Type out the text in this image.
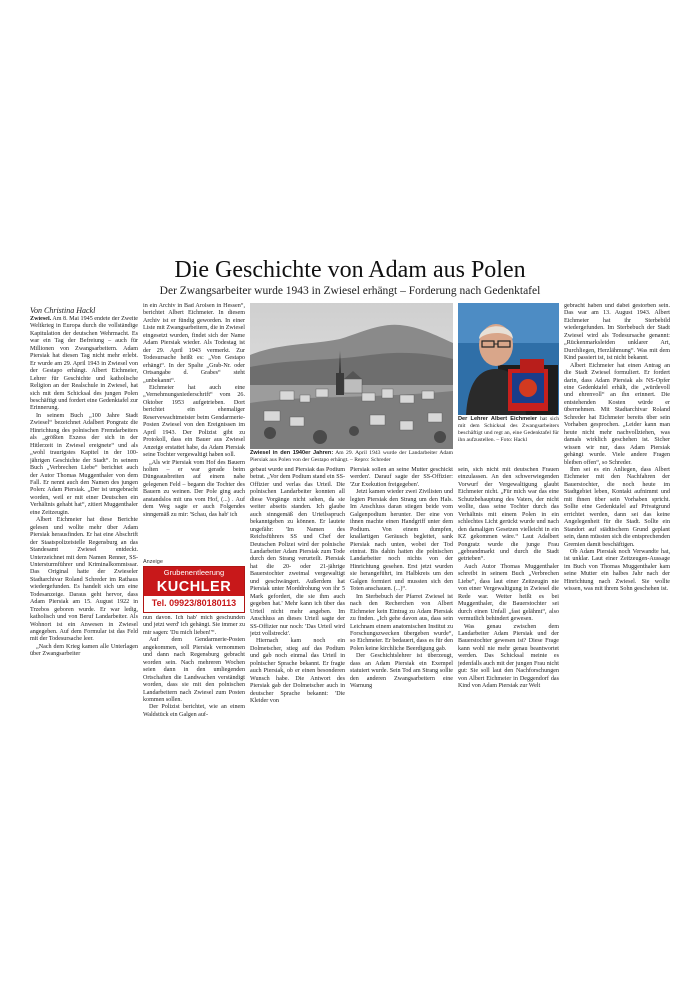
Die Geschichte von Adam aus Polen
Der Zwangsarbeiter wurde 1943 in Zwiesel erhängt – Forderung nach Gedenktafel
Von Christina Hackl

Zwiesel. Am 8. Mai 1945 endete der Zweite Weltkrieg in Europa durch die vollständige Kapitulation der deutschen Wehrmacht. Es war ein Tag der Befreiung – auch für Millionen von Zwangsarbeitern. Adam Piersiak hat diesen Tag nicht mehr erlebt. Er wurde am 29. April 1943 in Zwiesel von der Gestapo erhängt. Albert Eichmeier, Lehrer für Geschichte und katholische Religion an der Realschule in Zwiesel, hat sich mit dem Schicksal des jungen Polen beschäftigt und fordert eine Gedenktafel zur Erinnerung.

In seinem Buch „100 Jahre Stadt Zwiesel“ bezeichnet Adalbert Pongratz die Hinrichtung des polnischen Fremdarbeiters als „größten Exzess der sich in der Hitlerzeit in Zwiesel ereignete“ und als „wohl traurigstes Kapitel in der 100-jährigen Geschichte der Stadt“. In seinem Buch „Verbrechen Liebe“ berichtet auch der Autor Thomas Muggenthaler von dem Fall. Er nennt auch den Namen des jungen Polen: Adam Piersiak. „Der ist umgebracht worden, weil er mit einer Deutschen ein Verhältnis gehabt hat“, zitiert Muggenthaler eine Zeitzeugin.

Albert Eichmeier hat diese Berichte gelesen und wollte mehr über Adam Piersiak herausfinden. Er hat eine Abschrift der Staatspolizeistelle Regensburg an das Standesamt Zwiesel entdeckt. Unterzeichnet mit dem Namen Renner, SS-Untersturmführer und Kriminalkommissar. Das Original hatte der Zwieseler Stadtarchivar Roland Schreder im Rathaus wiedergefunden. Es handelt sich um eine Todesanzeige. Daraus geht hervor, dass Adam Piersiak am 15. August 1922 in Trzebos geboren wurde. Er war ledig, katholisch und von Beruf Landarbeiter. Als Wohnort ist ein Anwesen in Zwiesel angegeben. Auf dem Formular ist das Feld mit der Todesursache leer.

„Nach dem Krieg kamen alle Unterlagen über Zwangsarbeiter

in ein Archiv in Bad Arolsen in Hessen“, berichtet Albert Eichmeier. In diesem Archiv ist er fündig geworden. In einer Liste mit Zwangsarbeitern, die in Zwiesel eingesetzt wurden, findet sich der Name Adam Piersiak wieder. Als Todestag ist der 29. April 1943 vermerkt. Zur Todesursache heißt es: „Von Gestapo erhängt“. In der Spalte „Grab-Nr. oder Ortsangabe d. Grabes“ steht „unbekannt“.

Eichmeier hat auch eine „Vernehmungsniederschrift“ vom 26. Oktober 1953 aufgetrieben. Dort berichtet ein ehemaliger Reservewachtmeister beim Gendarmerie-Posten Zwiesel von den Ereignissen im April 1943. Der Polizist gibt zu Protokoll, dass ein Bauer aus Zwiesel Anzeige erstattet habe, da Adam Piersiak seine Tochter vergewaltigt haben soll.

„Als wir Piersiak vom Hof des Bauern holten – er war gerade beim Düngeausbreiten auf einem nahe gelegenen Feld – begann die Tochter des Bauern zu weinen. Der Pole ging auch anstandslos mit uns vom Hof, (...) . Auf dem Weg sagte er auch Folgendes sinngemäß zu mir: 'Schau, das hab' ich

Anzeige
Grubenentleerung
KUCHLER
Tel. 09923/80180113

nun davon. Ich hab' mich geschunden und jetzt werd' ich gehängt. Sie immer zu mir sagen: 'Du mich lieben!'“.

Auf dem Gendarmerie-Posten angekommen, soll Piersiak vernommen und dann nach Regensburg gebracht worden sein. Nach mehreren Wochen seien dann in den umliegenden Ortschaften die Landwachen verständigt worden, dass sie mit den polnischen Landarbeitern nach Zwiesel zum Posten kommen sollen.

Der Polizist berichtet, wie an einem Waldstück ein Galgen auf-

Zwiesel in den 1940er Jahren: Am 29. April 1943 wurde der Landarbeiter Adam Piersiak aus Polen von der Gestapo erhängt. – Repro: Schreder
Der Lehrer Albert Eichmeier hat sich mit dem Schicksal des Zwangsarbeiters beschäftigt und regt an, eine Gedenktafel für ihn aufzustellen. – Foto: Hackl

gebaut wurde und Piersiak das Podium betrat. „Vor dem Podium stand ein SS-Offizier und verlas das Urteil. Die polnischen Landarbeiter konnten all diese Vorgänge nicht sehen, da sie weiter abseits standen. Ich glaube auch sinngemäß den Urteilsspruch bekanntgeben zu können. Er lautete ungefähr: 'Im Namen des Reichsführers SS und Chef der Deutschen Polizei wird der polnische Landarbeiter Adam Piersiak zum Tode durch den Strang verurteilt. Piersiak hat die 20- oder 21-jährige Bauerstochter zweimal vergewaltigt und geschwängert. Außerdem hat Piersiak unter Morddrohung von ihr 5 Mark gefordert, die sie ihm auch gegeben hat.' Mehr kann ich über das Urteil nicht mehr angeben. Im Anschluss an dieses Urteil sagte der SS-Offizier nur noch: 'Das Urteil wird jetzt vollstreckt'.

Hiernach kam noch ein Dolmetscher, stieg auf das Podium und gab noch einmal das Urteil in polnischer Sprache bekannt. Er fragte auch Piersiak, ob er einen besonderen Wunsch habe. Die Antwort des Piersiak gab der Dolmetscher auch in deutscher Sprache bekannt: 'Die Kleider von

Piersiak sollen an seine Mutter geschickt werden'. Darauf sagte der SS-Offizier: 'Zur Exekution freigegeben'.

Jetzt kamen wieder zwei Zivilisten und legten Piersiak den Strang um den Hals. Im Anschluss daran stiegen beide vom Galgenpodium herunter. Der eine von ihnen machte einen Handgriff unter dem Podium. Von einem dumpfen, knallartigen Geräusch begleitet, sank Piersiak nach unten, wobei der Tod eintrat. Bis dahin hatten die polnischen Landarbeiter noch nichts von der Hinrichtung gesehen. Erst jetzt wurden sie herangeführt, im Halbkreis um den Galgen formiert und mussten sich den Toten anschauen. (...)“.

Im Sterbebuch der Pfarrei Zwiesel ist nach den Recherchen von Albert Eichmeier kein Eintrag zu Adam Piersiak zu finden. „Ich gehe davon aus, dass sein Leichnam einem anatomischen Institut zu Forschungszwecken übergeben wurde“, so Eichmeier. Er bedauert, dass es für den Polen keine kirchliche Beerdigung gab.

Der Geschichtslehrer ist überzeugt, dass an Adam Piersiak ein Exempel statuiert wurde. Sein Tod am Strang sollte den anderen Zwangsarbeitern eine Warnung

sein, sich nicht mit deutschen Frauen einzulassen. An den schwerwiegenden Vorwurf der Vergewaltigung glaubt Eichmeier nicht. „Für mich war das eine Schutzbehauptung des Vaters, der nicht wollte, dass seine Tochter durch das Verhältnis mit einem Polen in ein schlechtes Licht gerückt wurde und nach den damaligen Gesetzen vielleicht in ein KZ gekommen wäre.“ Laut Adalbert Pongratz wurde die junge Frau „gebrandmarkt und durch die Stadt getrieben“.

Auch Autor Thomas Muggenthaler schreibt in seinem Buch „Verbrechen Liebe“, dass laut einer Zeitzeugin nie von einer Vergewaltigung in Zwiesel die Rede war. Weiter heißt es bei Muggenthaler, die Bauerstochter sei durch einen Unfall „fast gelähmt“, also vermutlich behindert gewesen.

Was genau zwischen dem Landarbeiter Adam Piersiak und der Bauerstochter gewesen ist? Diese Frage kann wohl nie mehr genau beantwortet werden. Das Schicksal meinte es jedenfalls auch mit der jungen Frau nicht gut: Sie soll laut den Nachforschungen von Albert Eichmeier in Deggendorf das Kind von Adam Piersiak zur Welt

gebracht haben und dabei gestorben sein. Das war am 13. August 1943. Albert Eichmeier hat ihr Sterbebild wiedergefunden. Im Sterbebuch der Stadt Zwiesel wird als Todesursache genannt: „Rückenmarksleiden unklarer Art, Durchliegen, Herzlähmung“. Was mit dem Kind passiert ist, ist nicht bekannt.

Albert Eichmeier hat einen Antrag an die Stadt Zwiesel formuliert. Er fordert darin, dass Adam Piersiak als NS-Opfer eine Gedenktafel erhält, die „würdevoll und ehrenvoll“ an ihn erinnert. Die entstehenden Kosten würde er übernehmen. Mit Stadtarchivar Roland Schreder hat Eichmeier bereits über sein Vorhaben gesprochen. „Leider kann man heute nicht mehr nachvollziehen, was damals wirklich geschehen ist. Sicher wissen wir nur, dass Adam Piersiak gehängt wurde. Viele andere Fragen bleiben offen“, so Schreder.

Ihm sei es ein Anliegen, dass Albert Eichmeier mit den Nachfahren der Bauerstochter, die noch heute im Stadtgebiet leben, Kontakt aufnimmt und mit ihnen über sein Vorhaben spricht. Sollte eine Gedenktafel auf Privatgrund errichtet werden, dann sei das keine Angelegenheit für die Stadt. Sollte ein Standort auf städtischem Grund geplant sein, dann müssten sich die entsprechenden Gremien damit beschäftigen.

Ob Adam Piersiak noch Verwandte hat, ist unklar. Laut einer Zeitzeugen-Aussage im Buch von Thomas Muggenthaler kam seine Mutter ein halbes Jahr nach der Hinrichtung nach Zwiesel. Sie wollte wissen, was mit ihrem Sohn geschehen ist.
